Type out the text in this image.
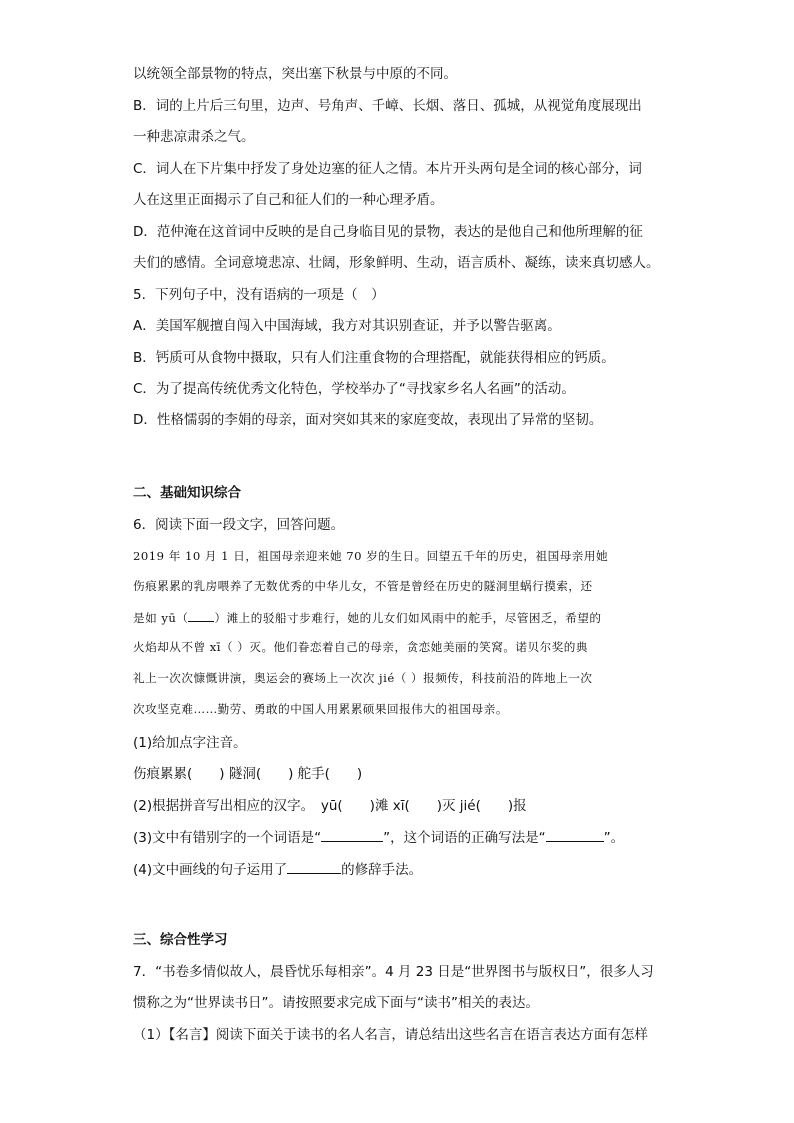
以统领全部景物的特点，突出塞下秋景与中原的不同。
B．词的上片后三句里，边声、号角声、千嶂、长烟、落日、孤城，从视觉角度展现出
一种悲凉肃杀之气。
C．词人在下片集中抒发了身处边塞的征人之情。本片开头两句是全词的核心部分，词
人在这里正面揭示了自己和征人们的一种心理矛盾。
D．范仲淹在这首词中反映的是自己身临目见的景物，表达的是他自己和他所理解的征
夫们的感情。全词意境悲凉、壮阔，形象鲜明、生动，语言质朴、凝练，读来真切感人。
5．下列句子中，没有语病的一项是（　）
A．美国军舰擅自闯入中国海域，我方对其识别查证，并予以警告驱离。
B．钙质可从食物中摄取，只有人们注重食物的合理搭配，就能获得相应的钙质。
C．为了提高传统优秀文化特色，学校举办了“寻找家乡名人名画”的活动。
D．性格懦弱的李娟的母亲，面对突如其来的家庭变故，表现出了异常的坚韧。
二、基础知识综合
6．阅读下面一段文字，回答问题。
2019 年 10 月 1 日，祖国母亲迎来她 70 岁的生日。回望五千年的历史，祖国母亲用她
伤痕累累的乳房喂养了无数优秀的中华儿女，不管是曾经在历史的隧洞里蜗行摸索，还
是如 yū（ ）滩上的驳船寸步难行，她的儿女们如风雨中的舵手，尽管困乏，希望的
火焰却从不曾 xī（ ）灭。他们眷恋着自己的母亲，贪恋她美丽的笑窝。诺贝尔奖的典
礼上一次次慷慨讲演，奥运会的赛场上一次次 jié（ ）报频传，科技前沿的阵地上一次
次攻坚克难……勤劳、勇敢的中国人用累累硕果回报伟大的祖国母亲。
(1)给加点字注音。
伤痕累累(　　) 隧洞(　　) 舵手(　　)
(2)根据拼音写出相应的汉字。　yū(　　)滩 xī(　　)灭 jié(　　)报
(3)文中有错别字的一个词语是“	”，这个词语的正确写法是“	”。
(4)文中画线的句子运用了	的修辞手法。
三、综合性学习
7．“书卷多情似故人，晨昏忧乐每相亲”。4 月 23 日是“世界图书与版权日”，很多人习
惯称之为“世界读书日”。请按照要求完成下面与“读书”相关的表达。
（1）【名言】阅读下面关于读书的名人名言，请总结出这些名言在语言表达方面有怎样
